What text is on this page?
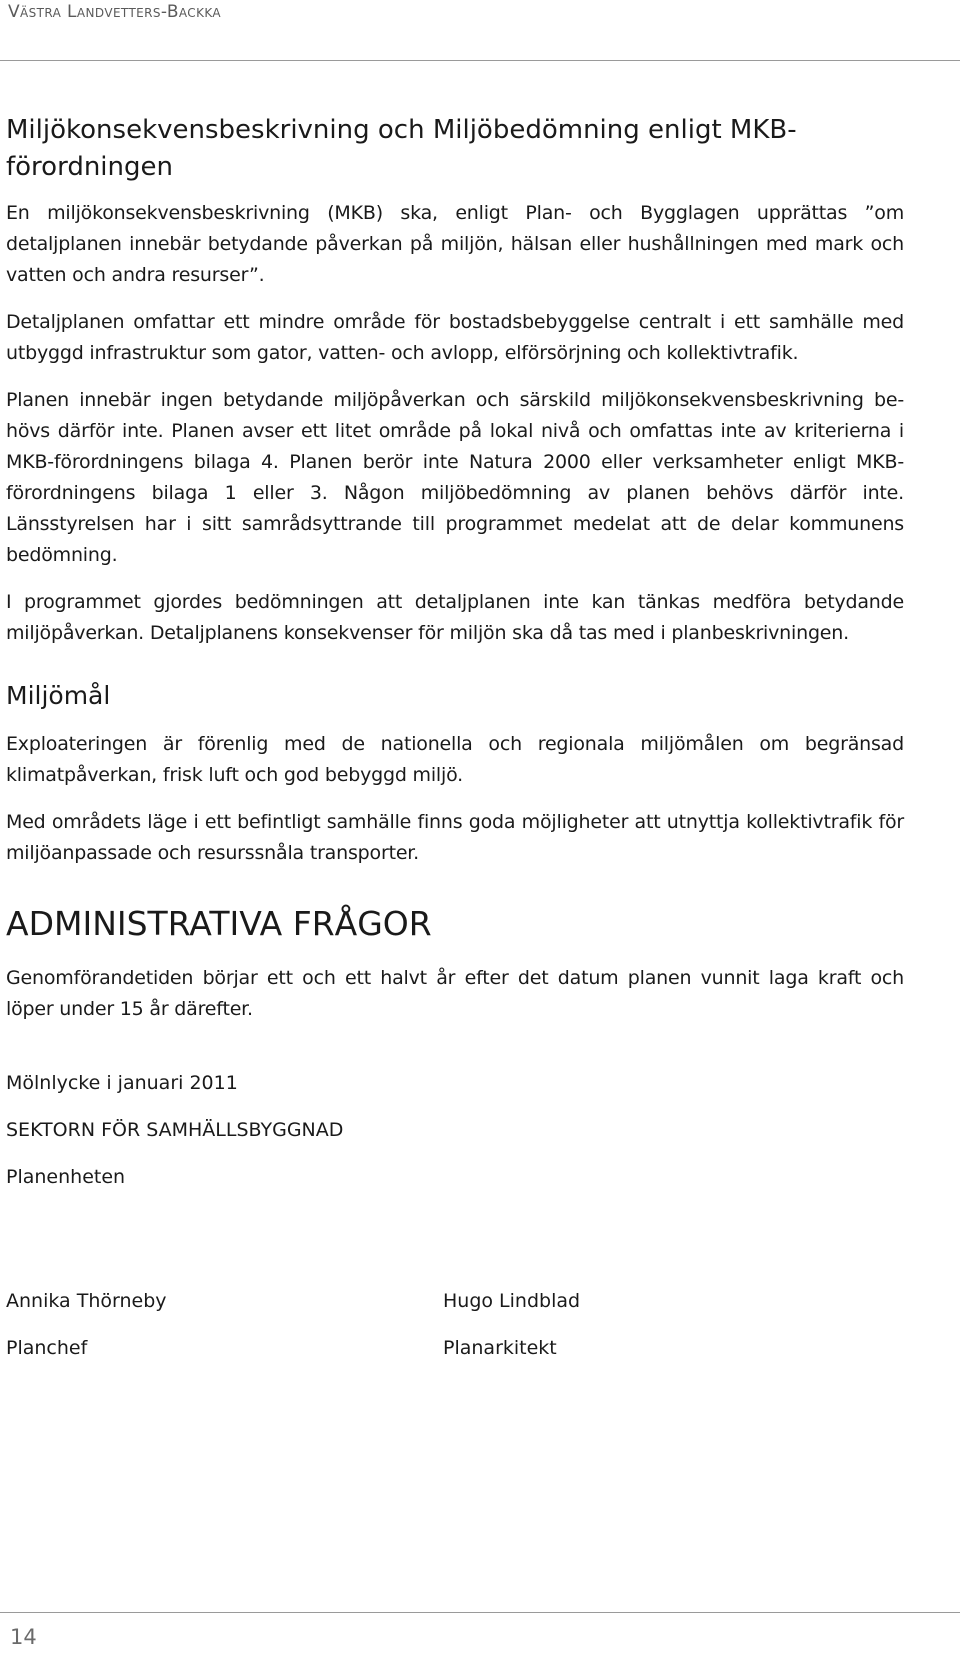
Västra Landvetters-Backka
Miljökonsekvensbeskrivning och Miljöbedömning enligt MKB-förordningen

En miljökonsekvensbeskrivning (MKB) ska, enligt Plan- och Bygglagen upprättas ”om detaljplanen innebär betydande påverkan på miljön, hälsan eller hushållningen med mark och vatten och andra resurser”.

Detaljplanen omfattar ett mindre område för bostadsbebyggelse centralt i ett samhälle med utbyggd infrastruktur som gator, vatten- och avlopp, elförsörjning och kollektivtrafik.

Planen innebär ingen betydande miljöpåverkan och särskild miljökonsekvensbeskrivning be-hövs därför inte. Planen avser ett litet område på lokal nivå och omfattas inte av kriterierna i MKB-förordningens bilaga 4. Planen berör inte Natura 2000 eller verksamheter enligt MKB-förordningens bilaga 1 eller 3. Någon miljöbedömning av planen behövs därför inte. Länsstyrelsen har i sitt samrådsyttrande till programmet medelat att de delar kommunens bedömning.

I programmet gjordes bedömningen att detaljplanen inte kan tänkas medföra betydande miljöpåverkan. Detaljplanens konsekvenser för miljön ska då tas med i planbeskrivningen.

Miljömål

Exploateringen är förenlig med de nationella och regionala miljömålen om begränsad klimatpåverkan, frisk luft och god bebyggd miljö.

Med områdets läge i ett befintligt samhälle finns goda möjligheter att utnyttja kollektivtrafik för miljöanpassade och resurssnåla transporter.

ADMINISTRATIVA FRÅGOR

Genomförandetiden börjar ett och ett halvt år efter det datum planen vunnit laga kraft och löper under 15 år därefter.

Mölnlycke i januari 2011
SEKTORN FÖR SAMHÄLLSBYGGNAD
Planenheten
Annika Thörneby
Planchef
Hugo Lindblad
Planarkitekt
14
